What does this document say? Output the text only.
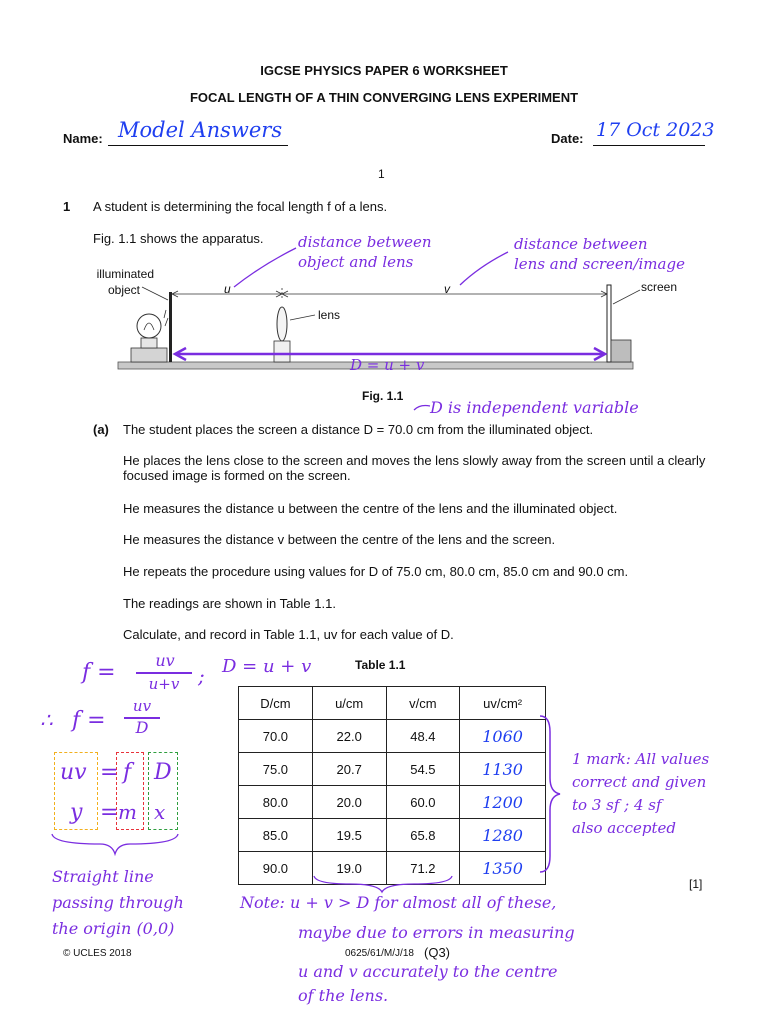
IGCSE PHYSICS PAPER 6 WORKSHEET
FOCAL LENGTH OF A THIN CONVERGING LENS EXPERIMENT
Name: Model Answers	Date: 17 Oct 2023
1
1 A student is determining the focal length f of a lens.
Fig. 1.1 shows the apparatus. distance between
object and lens
distance between
lens and screen/image
illuminated
object	u	v
lens
screen
D = u + v
Fig. 1.1
D is independent variable
(a) The student places the screen a distance D = 70.0 cm from the illuminated object.
He places the lens close to the screen and moves the lens slowly away from the screen until a clearly focused image is formed on the screen.
He measures the distance u between the centre of the lens and the illuminated object.
He measures the distance v between the centre of the lens and the screen.
He repeats the procedure using values for D of 75.0 cm, 80.0 cm, 85.0 cm and 90.0 cm.
The readings are shown in Table 1.1.
Calculate, and record in Table 1.1, uv for each value of D.
f =	uv
u+v ; D = u + v
∴ f =
uv
D
uv = f D
y = m x
Straight line
passing through
the origin (0,0)
Table 1.1
D/cm	u/cm	v/cm	uv/cm²
70.0	22.0	48.4	1060
75.0	20.7	54.5	1130
80.0	20.0	60.0	1200
85.0	19.5	65.8	1280
90.0	19.0	71.2	1350
1 mark: All values
correct and given
to 3 sf ; 4 sf
also accepted
[1]
Note: u + v > D for almost all of these,
maybe due to errors in measuring
u and v accurately to the centre
of the lens.
© UCLES 2018	0625/61/M/J/18 (Q3)
